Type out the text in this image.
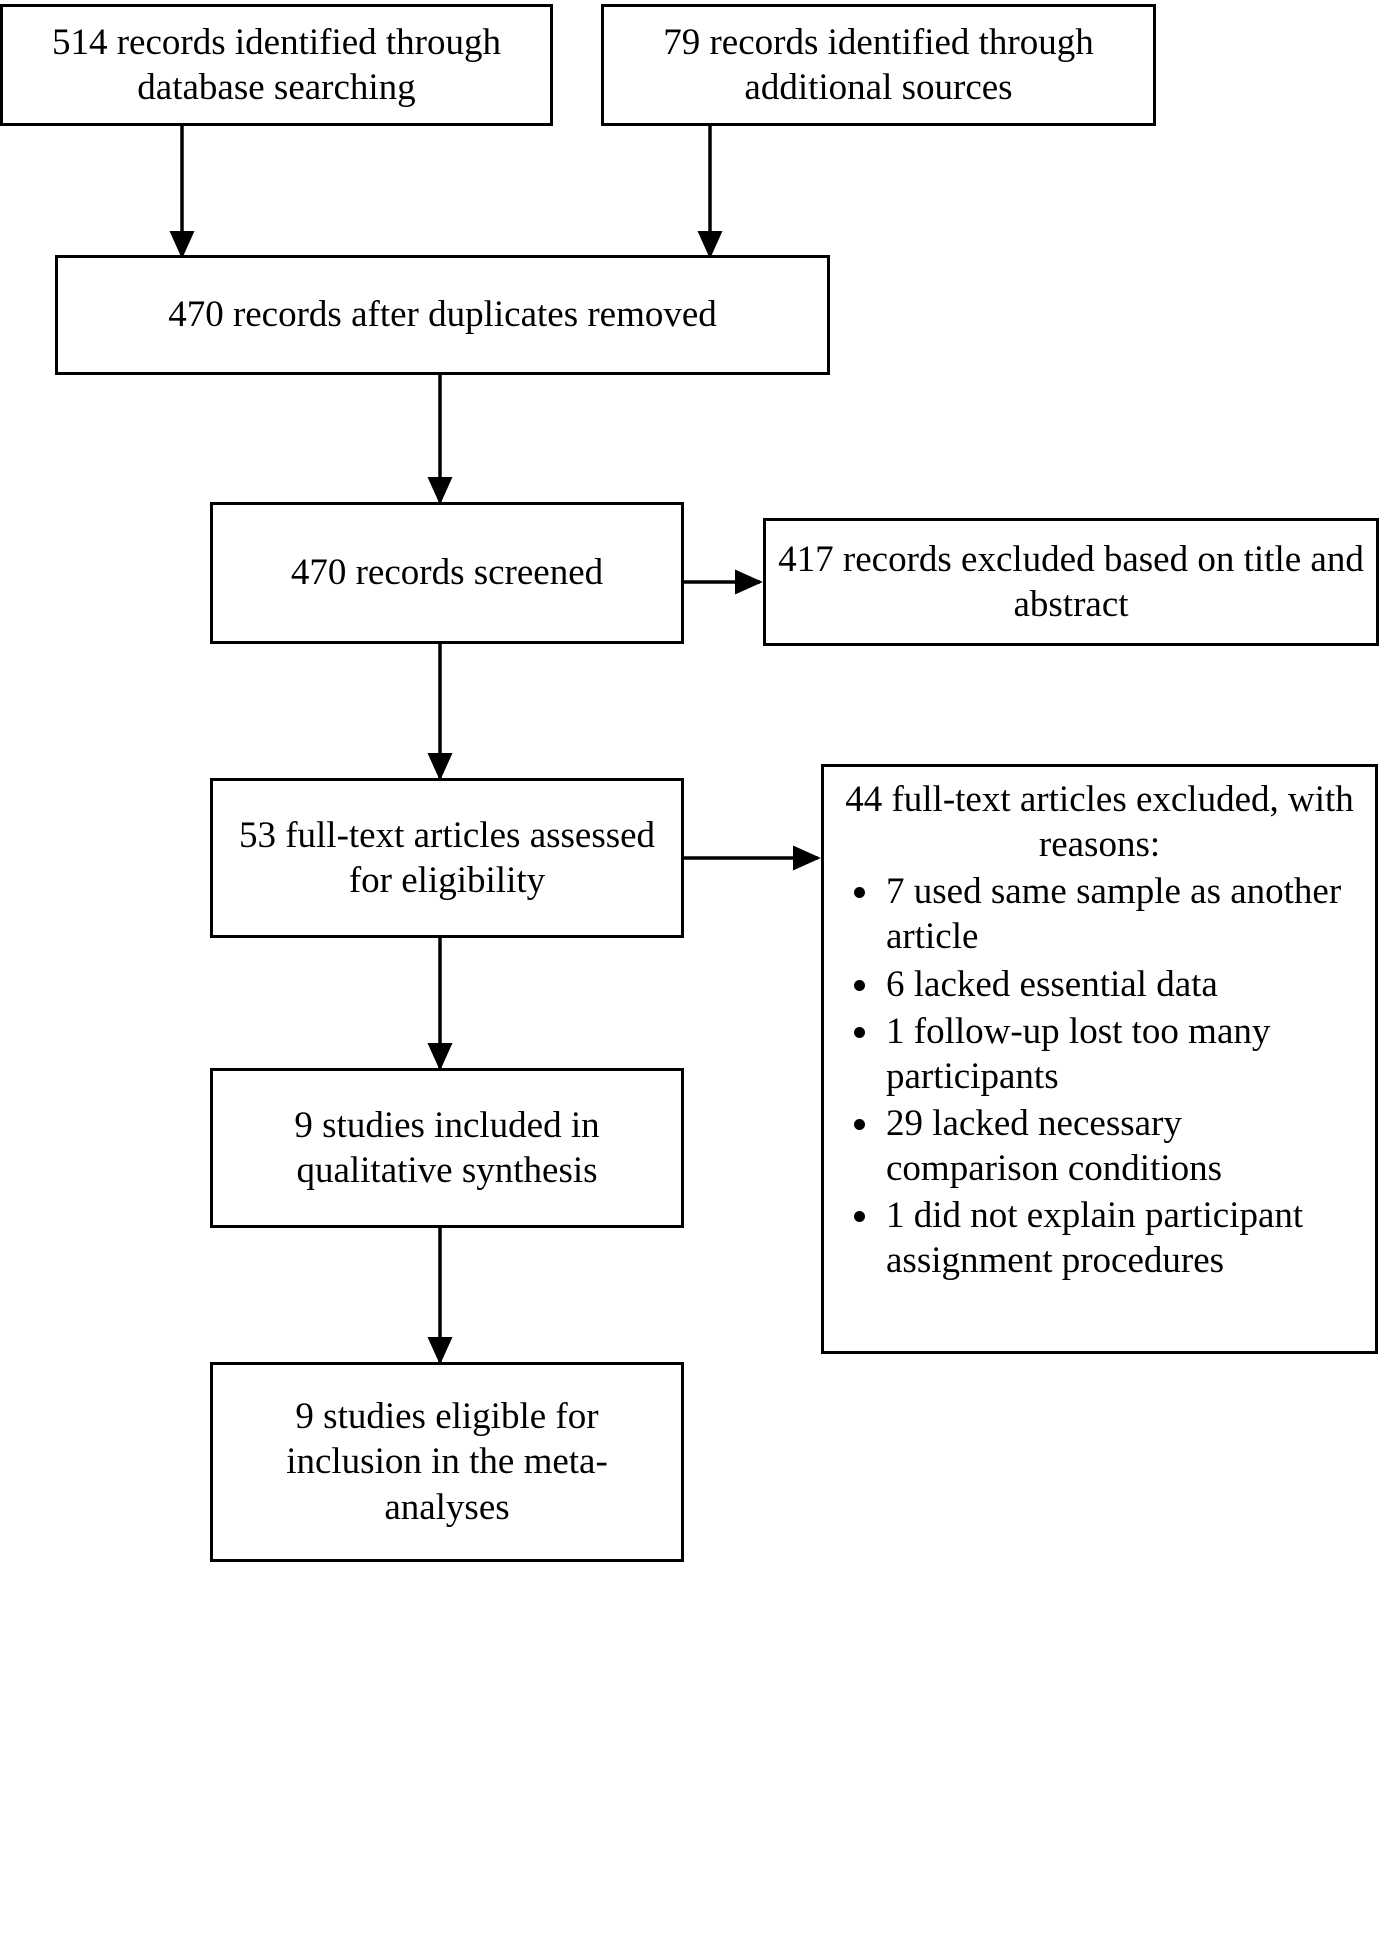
514 records identified through database searching
79 records identified through additional sources
470 records after duplicates removed
470 records screened	417 records excluded based on title and abstract
53 full-text articles assessed for eligibility
44 full-text articles excluded, with reasons:
• 7 used same sample as another article
• 6 lacked essential data
• 1 follow-up lost too many participants
• 29 lacked necessary comparison conditions
• 1 did not explain participant assignment procedures
9 studies included in qualitative synthesis
9 studies eligible for inclusion in the meta-analyses
